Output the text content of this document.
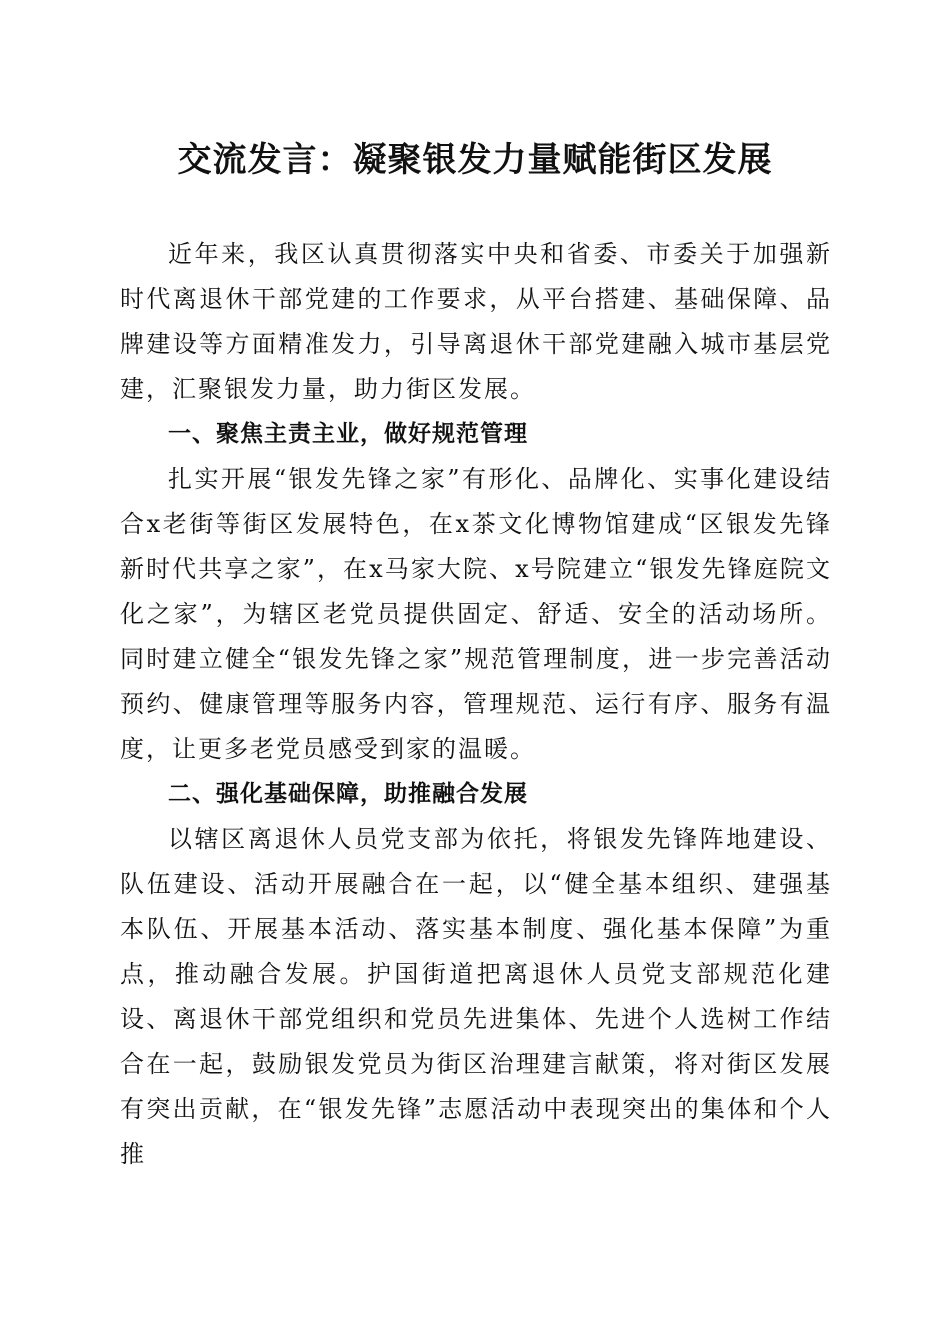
交流发言：凝聚银发力量赋能街区发展

近年来，我区认真贯彻落实中央和省委、市委关于加强新时代离退休干部党建的工作要求，从平台搭建、基础保障、品牌建设等方面精准发力，引导离退休干部党建融入城市基层党建，汇聚银发力量，助力街区发展。

一、聚焦主责主业，做好规范管理

扎实开展“银发先锋之家”有形化、品牌化、实事化建设结合x老街等街区发展特色，在x茶文化博物馆建成“区银发先锋新时代共享之家”，在x马家大院、x号院建立“银发先锋庭院文化之家”，为辖区老党员提供固定、舒适、安全的活动场所。同时建立健全“银发先锋之家”规范管理制度，进一步完善活动预约、健康管理等服务内容，管理规范、运行有序、服务有温度，让更多老党员感受到家的温暖。

二、强化基础保障，助推融合发展

以辖区离退休人员党支部为依托，将银发先锋阵地建设、队伍建设、活动开展融合在一起，以“健全基本组织、建强基本队伍、开展基本活动、落实基本制度、强化基本保障”为重点，推动融合发展。护国街道把离退休人员党支部规范化建设、离退休干部党组织和党员先进集体、先进个人选树工作结合在一起，鼓励银发党员为街区治理建言献策，将对街区发展有突出贡献，在“银发先锋”志愿活动中表现突出的集体和个人推
